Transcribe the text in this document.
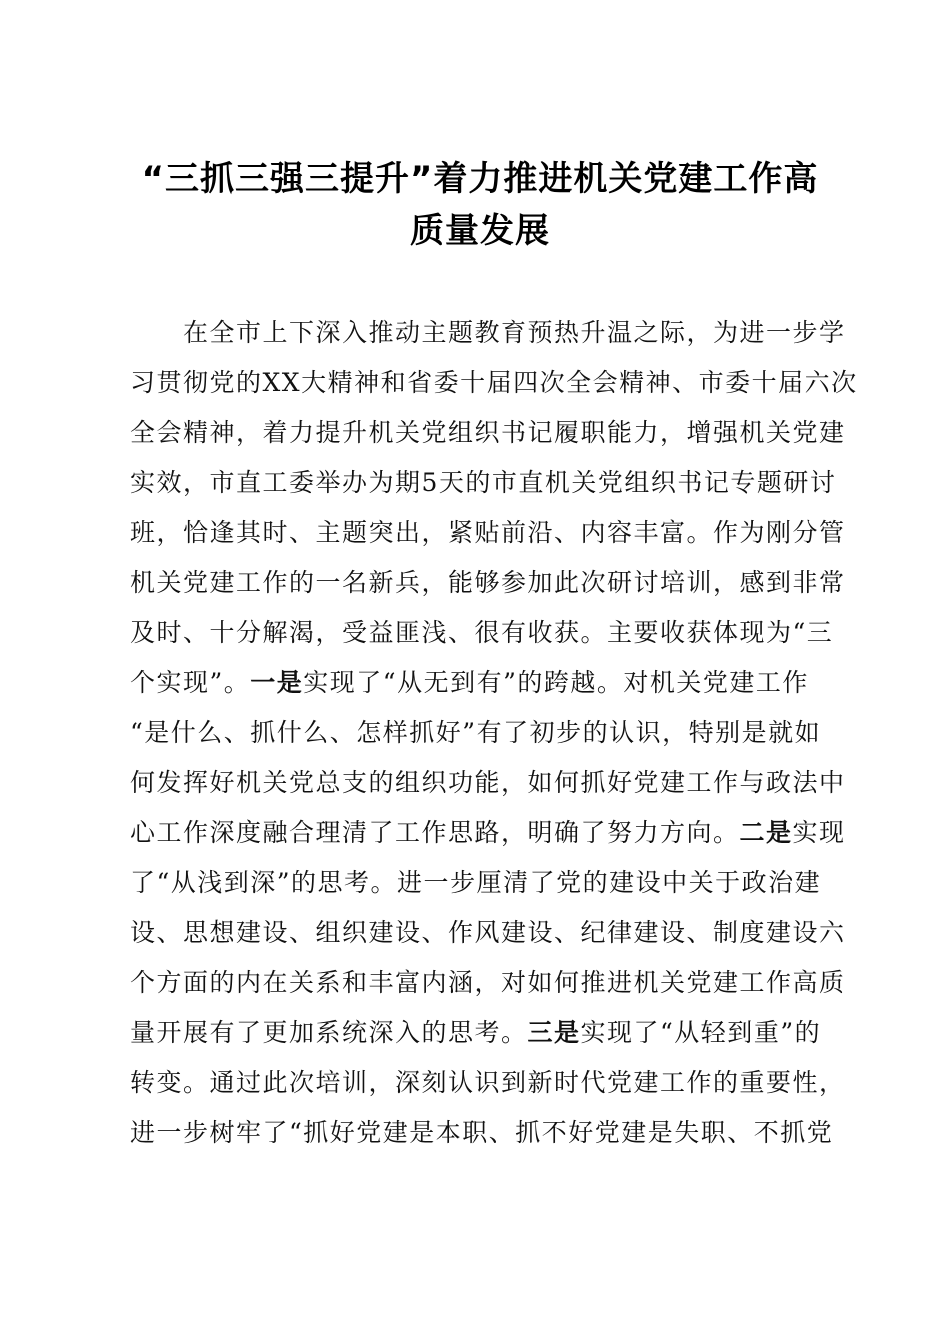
“三抓三强三提升”着力推进机关党建工作高
质量发展
　　在全市上下深入推动主题教育预热升温之际，为进一步学
习贯彻党的XX大精神和省委十届四次全会精神、市委十届六次
全会精神，着力提升机关党组织书记履职能力，增强机关党建
实效，市直工委举办为期5天的市直机关党组织书记专题研讨
班，恰逢其时、主题突出，紧贴前沿、内容丰富。作为刚分管
机关党建工作的一名新兵，能够参加此次研讨培训，感到非常
及时、十分解渴，受益匪浅、很有收获。主要收获体现为“三
个实现”。一是实现了“从无到有”的跨越。对机关党建工作
“是什么、抓什么、怎样抓好”有了初步的认识，特别是就如
何发挥好机关党总支的组织功能，如何抓好党建工作与政法中
心工作深度融合理清了工作思路，明确了努力方向。二是实现
了“从浅到深”的思考。进一步厘清了党的建设中关于政治建
设、思想建设、组织建设、作风建设、纪律建设、制度建设六
个方面的内在关系和丰富内涵，对如何推进机关党建工作高质
量开展有了更加系统深入的思考。三是实现了“从轻到重”的
转变。通过此次培训，深刻认识到新时代党建工作的重要性，
进一步树牢了“抓好党建是本职、抓不好党建是失职、不抓党
